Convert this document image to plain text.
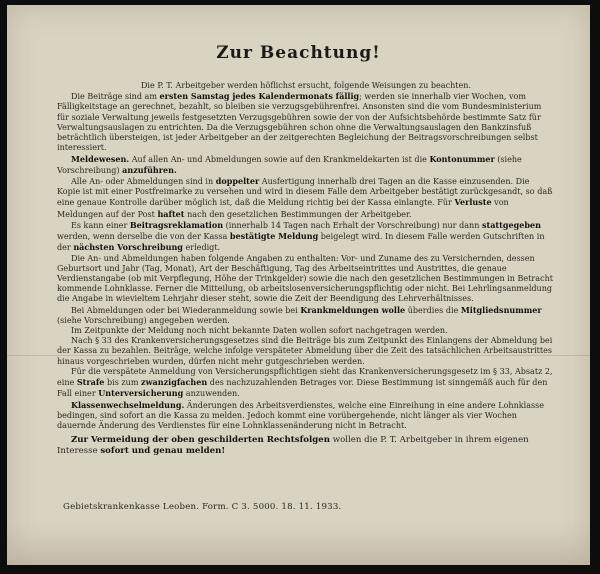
Zur Beachtung!

Die P. T. Arbeitgeber werden höflichst ersucht, folgende Weisungen zu beachten.

Die Beiträge sind am ersten Samstag jedes Kalendermonats fällig; werden sie innerhalb vier Wochen, vom Fälligkeitstage an gerechnet, bezahlt, so bleiben sie verzugsgebührenfrei. Ansonsten sind die vom Bundesministerium für soziale Verwaltung jeweils festgesetzten Verzugsgebühren sowie der von der Aufsichtsbehörde bestimmte Satz für Verwaltungsauslagen zu entrichten. Da die Verzugsgebühren schon ohne die Verwaltungsauslagen den Bankzinsfuß beträchtlich übersteigen, ist jeder Arbeitgeber an der zeitgerechten Begleichung der Beitragsvorschreibungen selbst interessiert.

Meldewesen. Auf allen An- und Abmeldungen sowie auf den Krankmeldekarten ist die Kontonummer (siehe Vorschreibung) anzuführen.

Alle An- oder Abmeldungen sind in doppelter Ausfertigung innerhalb drei Tagen an die Kasse einzusenden. Die Kopie ist mit einer Postfreimarke zu versehen und wird in diesem Falle dem Arbeitgeber bestätigt zurückgesandt, so daß eine genaue Kontrolle darüber möglich ist, daß die Meldung richtig bei der Kassa einlangte. Für Verluste von Meldungen auf der Post haftet nach den gesetzlichen Bestimmungen der Arbeitgeber.

Es kann einer Beitragsreklamation (innerhalb 14 Tagen nach Erhalt der Vorschreibung) nur dann stattgegeben werden, wenn derselbe die von der Kassa bestätigte Meldung beigelegt wird. In diesem Falle werden Gutschriften in der nächsten Vorschreibung erledigt.

Die An- und Abmeldungen haben folgende Angaben zu enthalten: Vor- und Zuname des zu Versichernden, dessen Geburtsort und Jahr (Tag, Monat), Art der Beschäftigung, Tag des Arbeitseintrittes und Austrittes, die genaue Verdienstangabe (ob mit Verpflegung, Höhe der Trinkgelder) sowie die nach den gesetzlichen Bestimmungen in Betracht kommende Lohnklasse. Ferner die Mitteilung, ob arbeitslosenversicherungspflichtig oder nicht. Bei Lehrlingsanmeldung die Angabe in wievieltem Lehrjahr dieser steht, sowie die Zeit der Beendigung des Lehrverhältnisses.

Bei Abmeldungen oder bei Wiederanmeldung sowie bei Krankmeldungen wolle überdies die Mitgliedsnummer (siehe Vorschreibung) angegeben werden.

Im Zeitpunkte der Meldung noch nicht bekannte Daten wollen sofort nachgetragen werden.

Nach § 33 des Krankenversicherungsgesetzes sind die Beiträge bis zum Zeitpunkt des Einlangens der Abmeldung bei der Kassa zu bezahlen. Beiträge, welche infolge verspäteter Abmeldung über die Zeit des tatsächlichen Arbeitsaustrittes hinaus vorgeschrieben wurden, dürfen nicht mehr gutgeschrieben werden.

Für die verspätete Anmeldung von Versicherungspflichtigen sieht das Krankenversicherungsgesetz im § 33, Absatz 2, eine Strafe bis zum zwanzigfachen des nachzuzahlenden Betrages vor. Diese Bestimmung ist sinngemäß auch für den Fall einer Unterversicherung anzuwenden.

Klassenwechselmeldung. Änderungen des Arbeitsverdienstes, welche eine Einreihung in eine andere Lohnklasse bedingen, sind sofort an die Kassa zu melden. Jedoch kommt eine vorübergehende, nicht länger als vier Wochen dauernde Änderung des Verdienstes für eine Lohnklassenänderung nicht in Betracht.

Zur Vermeidung der oben geschilderten Rechtsfolgen wollen die P. T. Arbeitgeber in ihrem eigenen Interesse sofort und genau melden!

Gebietskrankenkasse Leoben. Form. C 3. 5000. 18. 11. 1933.
